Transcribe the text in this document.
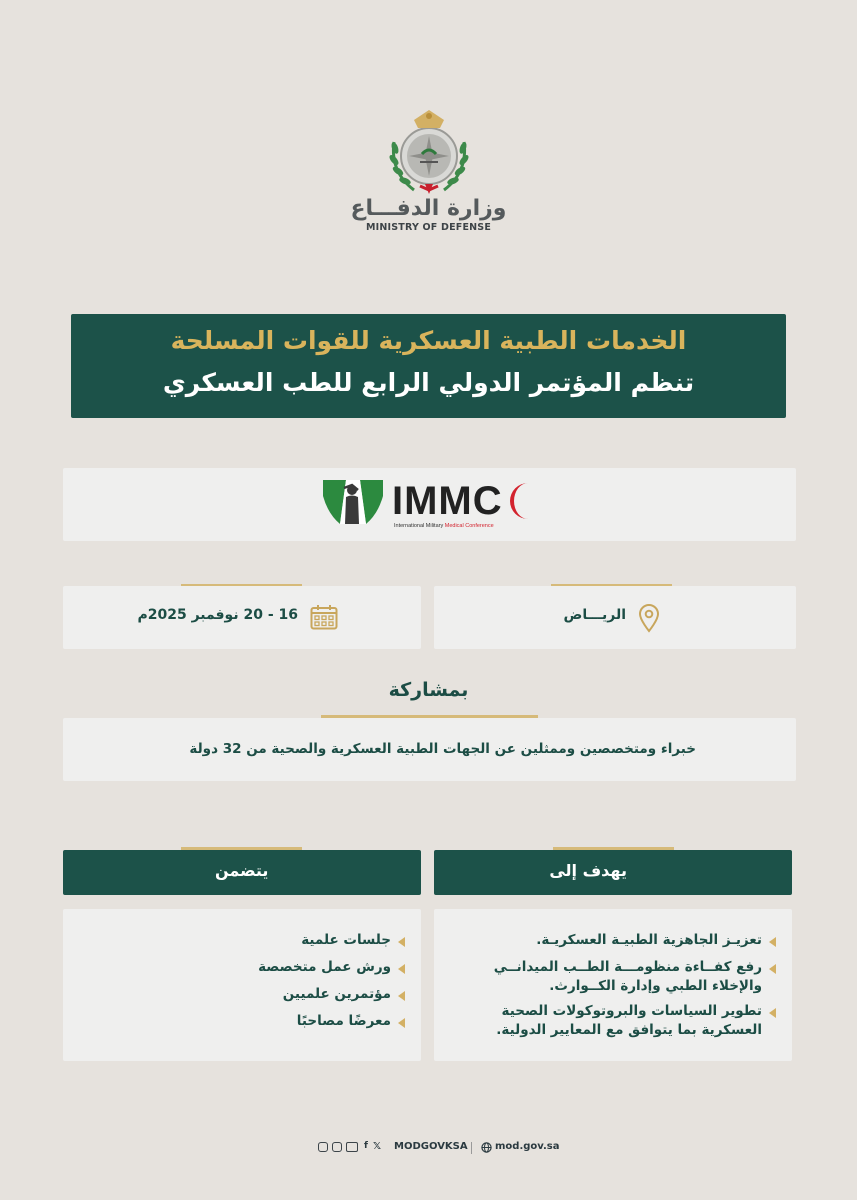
وزارة الدفـــاع
MINISTRY OF DEFENSE
الخدمات الطبية العسكرية للقوات المسلحة
تنظم المؤتمر الدولي الرابع للطب العسكري
IMMC
International Military Medical Conference
16 - 20 نوفمبر 2025م	الريـــاض
بمشاركة
خبراء ومتخصصين وممثلين عن الجهات الطبية العسكرية والصحية من 32 دولة
يهدف إلى
يتضمن
تعزيـز الجاهزية الطبيـة العسكريـة.
رفع كفــاءة منظومـــة الطــب الميدانــي والإخلاء الطبي وإدارة الكــوارث.
تطوير السياسات والبروتوكولات الصحية العسكرية بما يتوافق مع المعايير الدولية.
جلسات علمية
ورش عمل متخصصة
مؤتمرين علميين
معرضًا مصاحبًا
f 𝕏 MODGOVKSA	mod.gov.sa
